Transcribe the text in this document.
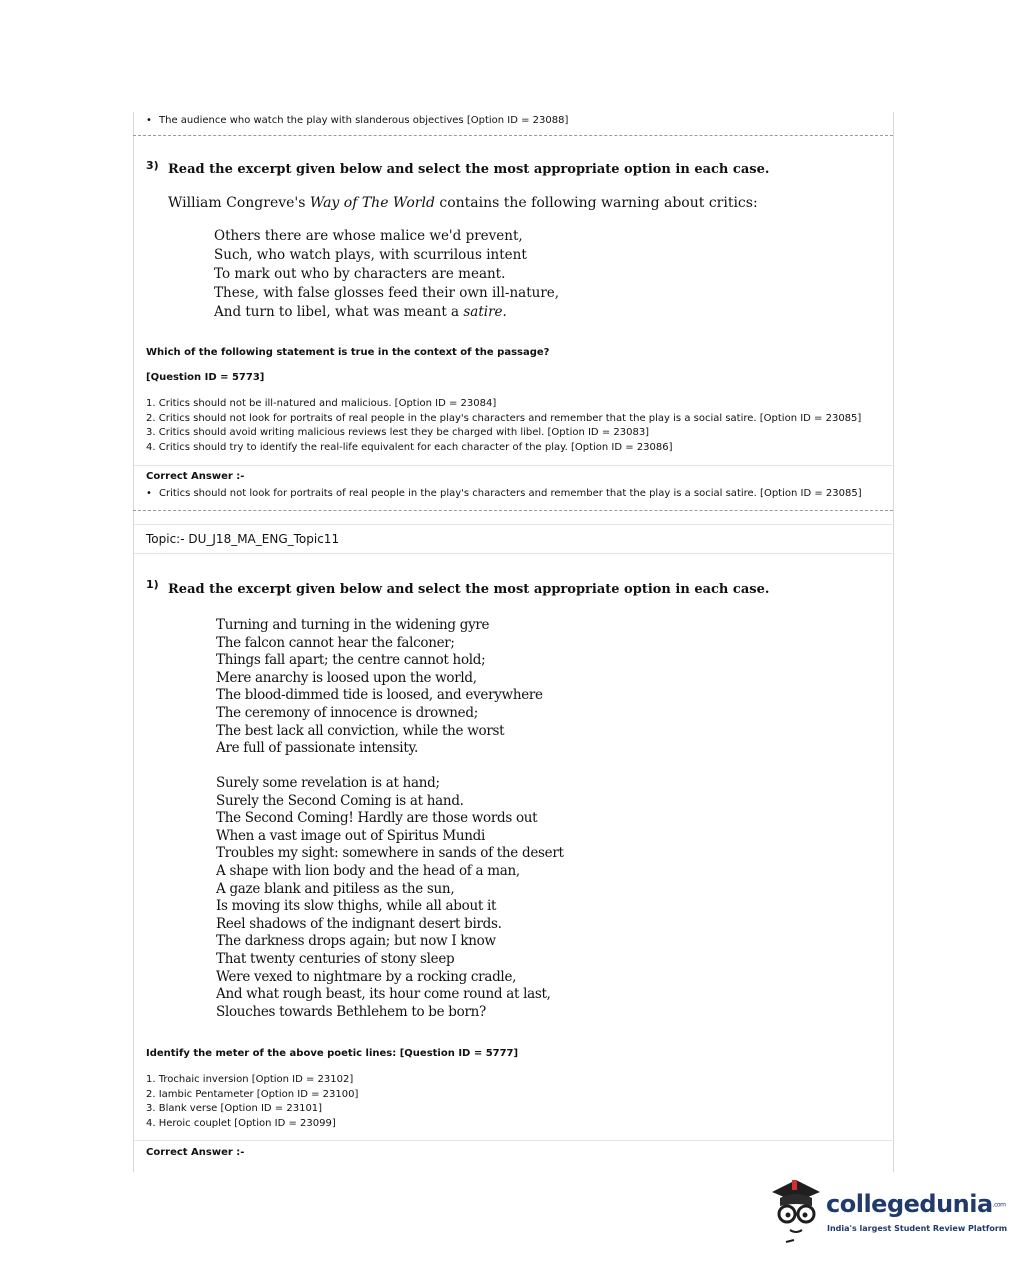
• The audience who watch the play with slanderous objectives [Option ID = 23088]
3) Read the excerpt given below and select the most appropriate option in each case.
William Congreve's Way of The World contains the following warning about critics:
Others there are whose malice we'd prevent,
Such, who watch plays, with scurrilous intent
To mark out who by characters are meant.
These, with false glosses feed their own ill-nature,
And turn to libel, what was meant a satire.
Which of the following statement is true in the context of the passage?
[Question ID = 5773]
1. Critics should not be ill-natured and malicious. [Option ID = 23084]
2. Critics should not look for portraits of real people in the play's characters and remember that the play is a social satire. [Option ID = 23085]
3. Critics should avoid writing malicious reviews lest they be charged with libel. [Option ID = 23083]
4. Critics should try to identify the real-life equivalent for each character of the play. [Option ID = 23086]
Correct Answer :-
• Critics should not look for portraits of real people in the play's characters and remember that the play is a social satire. [Option ID = 23085]
Topic:- DU_J18_MA_ENG_Topic11
1) Read the excerpt given below and select the most appropriate option in each case.
Turning and turning in the widening gyre
The falcon cannot hear the falconer;
Things fall apart; the centre cannot hold;
Mere anarchy is loosed upon the world,
The blood-dimmed tide is loosed, and everywhere
The ceremony of innocence is drowned;
The best lack all conviction, while the worst
Are full of passionate intensity.
Surely some revelation is at hand;
Surely the Second Coming is at hand.
The Second Coming! Hardly are those words out
When a vast image out of Spiritus Mundi
Troubles my sight: somewhere in sands of the desert
A shape with lion body and the head of a man,
A gaze blank and pitiless as the sun,
Is moving its slow thighs, while all about it
Reel shadows of the indignant desert birds.
The darkness drops again; but now I know
That twenty centuries of stony sleep
Were vexed to nightmare by a rocking cradle,
And what rough beast, its hour come round at last,
Slouches towards Bethlehem to be born?
Identify the meter of the above poetic lines: [Question ID = 5777]
1. Trochaic inversion [Option ID = 23102]
2. Iambic Pentameter [Option ID = 23100]
3. Blank verse [Option ID = 23101]
4. Heroic couplet [Option ID = 23099]
Correct Answer :-
collegedunia.com
India's largest Student Review Platform
